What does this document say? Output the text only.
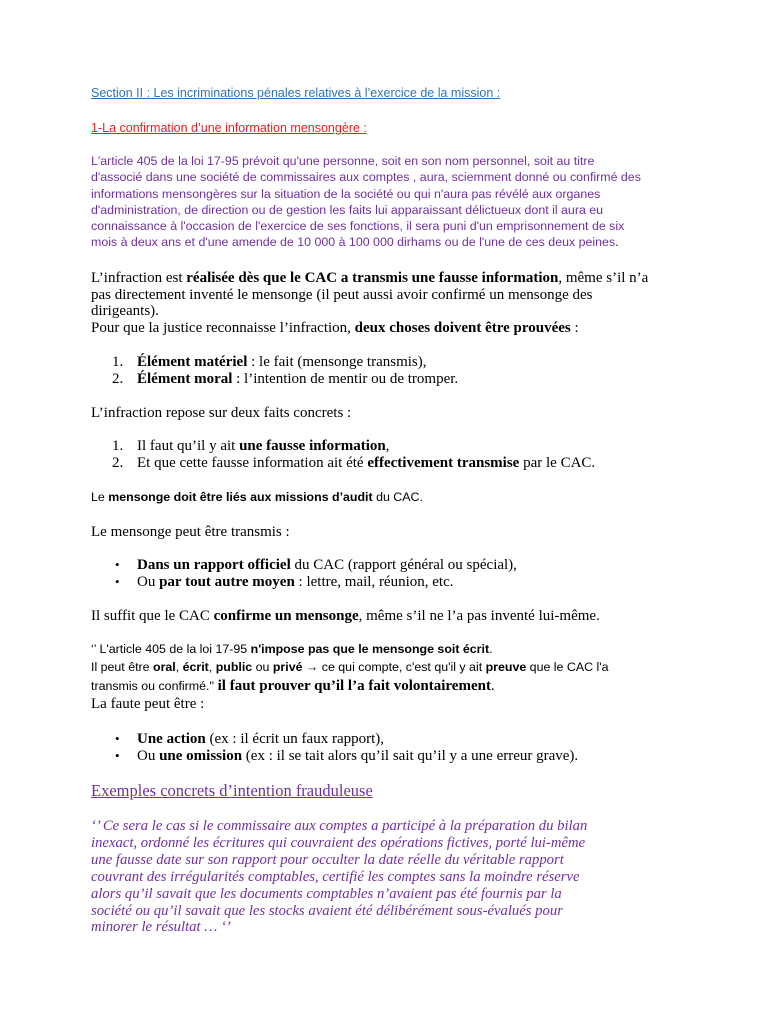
Section II : Les incriminations pénales relatives à l’exercice de la mission :

1-La confirmation d’une information mensongère :

L'article 405 de la loi 17-95 prévoit qu'une personne, soit en son nom personnel, soit au titre
d'associé dans une société de commissaires aux comptes , aura, sciemment donné ou confirmé des
informations mensongères sur la situation de la société ou qui n'aura pas révélé aux organes
d'administration, de direction ou de gestion les faits lui apparaissant délictueux dont il aura eu
connaissance à l'occasion de l'exercice de ses fonctions, il sera puni d'un emprisonnement de six
mois à deux ans et d'une amende de 10 000 à 100 000 dirhams ou de l'une de ces deux peines.
L’infraction est réalisée dès que le CAC a transmis une fausse information, même s’il n’a
pas directement inventé le mensonge (il peut aussi avoir confirmé un mensonge des
dirigeants).
Pour que la justice reconnaisse l’infraction, deux choses doivent être prouvées :
1. Élément matériel : le fait (mensonge transmis),
2. Élément moral : l’intention de mentir ou de tromper.

L’infraction repose sur deux faits concrets :

1. Il faut qu’il y ait une fausse information,
2. Et que cette fausse information ait été effectivement transmise par le CAC.

Le mensonge doit être liés aux missions d’audit du CAC.

Le mensonge peut être transmis :

• Dans un rapport officiel du CAC (rapport général ou spécial),
• Ou par tout autre moyen : lettre, mail, réunion, etc.

Il suffit que le CAC confirme un mensonge, même s’il ne l’a pas inventé lui-même.

‘’ L'article 405 de la loi 17-95 n'impose pas que le mensonge soit écrit.

Il peut être oral, écrit, public ou privé → ce qui compte, c'est qu'il y ait preuve que le CAC l'a

transmis ou confirmé.'' il faut prouver qu’il l’a fait volontairement.

La faute peut être :

• Une action (ex : il écrit un faux rapport),
• Ou une omission (ex : il se tait alors qu’il sait qu’il y a une erreur grave).

Exemples concrets d’intention frauduleuse

‘’ Ce sera le cas si le commissaire aux comptes a participé à la préparation du bilan
inexact, ordonné les écritures qui couvraient des opérations fictives, porté lui-même
une fausse date sur son rapport pour occulter la date réelle du véritable rapport
couvrant des irrégularités comptables, certifié les comptes sans la moindre réserve
alors qu’il savait que les documents comptables n’avaient pas été fournis par la
société ou qu’il savait que les stocks avaient été délibérément sous-évalués pour
minorer le résultat … ‘’
